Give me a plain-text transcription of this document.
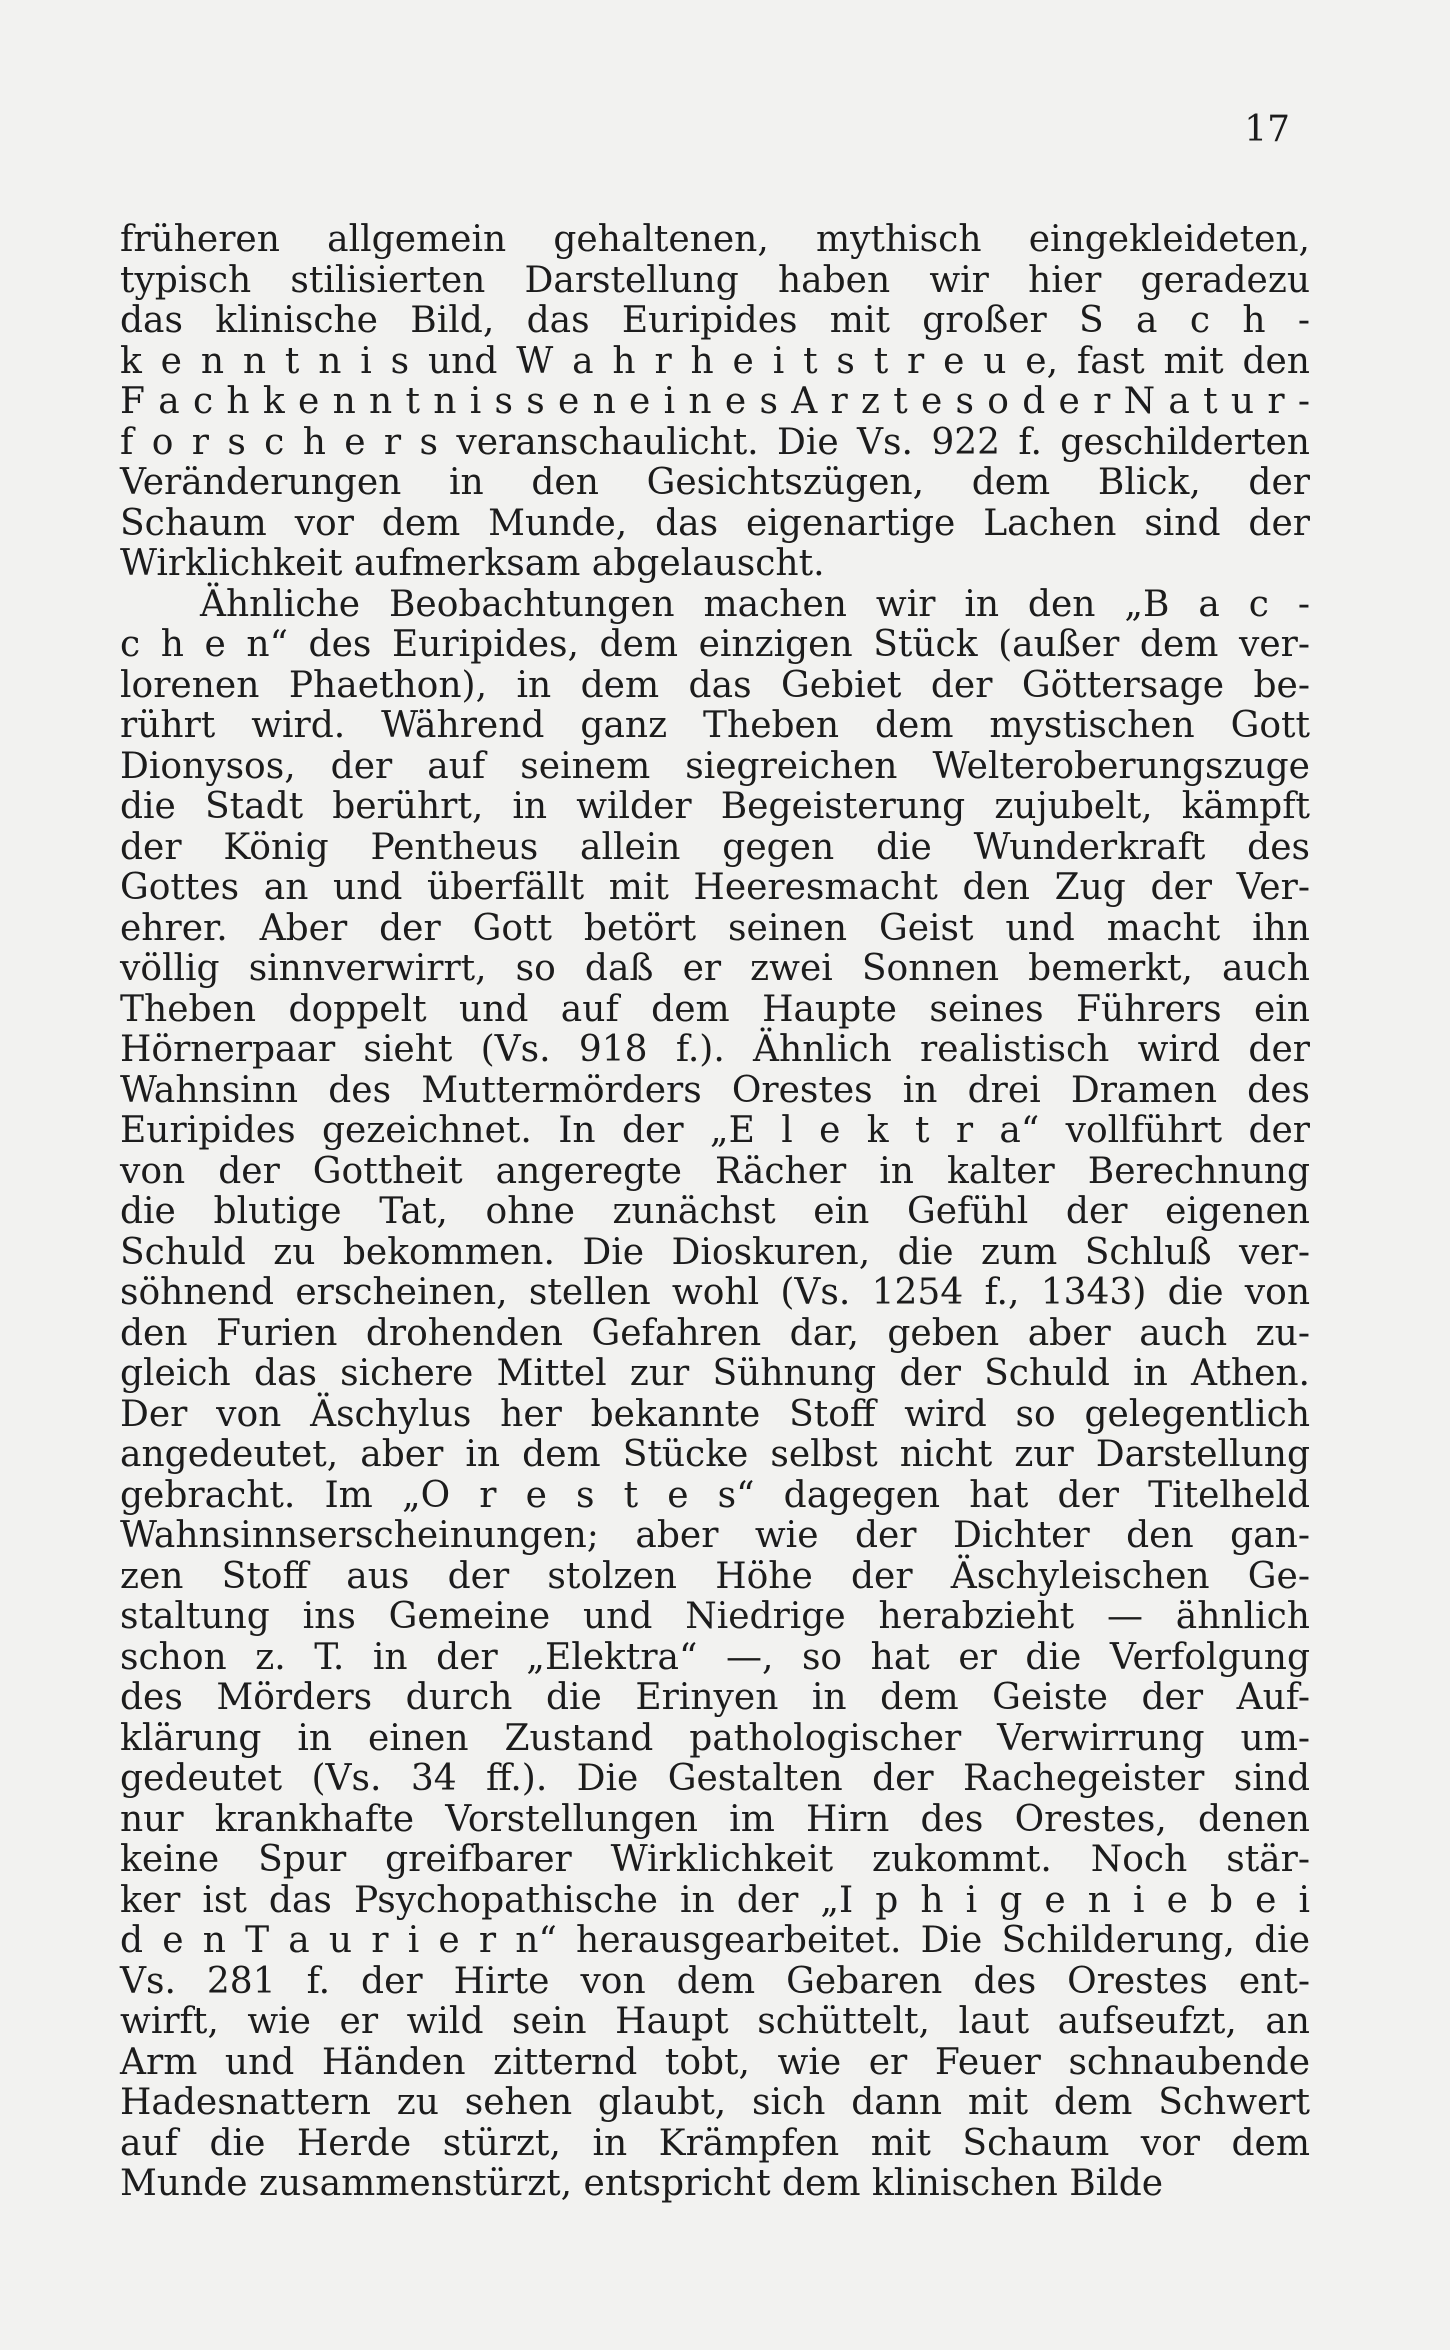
17
früheren allgemein gehaltenen, mythisch eingekleideten,
typisch stilisierten Darstellung haben wir hier geradezu
das klinische Bild, das Euripides mit großer S a c h -
k e n n t n i s und W a h r h e i t s t r e u e, fast mit den
F a c h k e n n t n i s s e n e i n e s A r z t e s o d e r N a t u r -
f o r s c h e r s veranschaulicht. Die Vs. 922 f. geschilderten
Veränderungen in den Gesichtszügen, dem Blick, der
Schaum vor dem Munde, das eigenartige Lachen sind der
Wirklichkeit aufmerksam abgelauscht.
Ähnliche Beobachtungen machen wir in den „B a c -
c h e n“ des Euripides, dem einzigen Stück (außer dem ver-
lorenen Phaethon), in dem das Gebiet der Göttersage be-
rührt wird. Während ganz Theben dem mystischen Gott
Dionysos, der auf seinem siegreichen Welteroberungszuge
die Stadt berührt, in wilder Begeisterung zujubelt, kämpft
der König Pentheus allein gegen die Wunderkraft des
Gottes an und überfällt mit Heeresmacht den Zug der Ver-
ehrer. Aber der Gott betört seinen Geist und macht ihn
völlig sinnverwirrt, so daß er zwei Sonnen bemerkt, auch
Theben doppelt und auf dem Haupte seines Führers ein
Hörnerpaar sieht (Vs. 918 f.). Ähnlich realistisch wird der
Wahnsinn des Muttermörders Orestes in drei Dramen des
Euripides gezeichnet. In der „E l e k t r a“ vollführt der
von der Gottheit angeregte Rächer in kalter Berechnung
die blutige Tat, ohne zunächst ein Gefühl der eigenen
Schuld zu bekommen. Die Dioskuren, die zum Schluß ver-
söhnend erscheinen, stellen wohl (Vs. 1254 f., 1343) die von
den Furien drohenden Gefahren dar, geben aber auch zu-
gleich das sichere Mittel zur Sühnung der Schuld in Athen.
Der von Äschylus her bekannte Stoff wird so gelegentlich
angedeutet, aber in dem Stücke selbst nicht zur Darstellung
gebracht. Im „O r e s t e s“ dagegen hat der Titelheld
Wahnsinnserscheinungen; aber wie der Dichter den gan-
zen Stoff aus der stolzen Höhe der Äschyleischen Ge-
staltung ins Gemeine und Niedrige herabzieht — ähnlich
schon z. T. in der „Elektra“ —, so hat er die Verfolgung
des Mörders durch die Erinyen in dem Geiste der Auf-
klärung in einen Zustand pathologischer Verwirrung um-
gedeutet (Vs. 34 ff.). Die Gestalten der Rachegeister sind
nur krankhafte Vorstellungen im Hirn des Orestes, denen
keine Spur greifbarer Wirklichkeit zukommt. Noch stär-
ker ist das Psychopathische in der „I p h i g e n i e b e i
d e n T a u r i e r n“ herausgearbeitet. Die Schilderung, die
Vs. 281 f. der Hirte von dem Gebaren des Orestes ent-
wirft, wie er wild sein Haupt schüttelt, laut aufseufzt, an
Arm und Händen zitternd tobt, wie er Feuer schnaubende
Hadesnattern zu sehen glaubt, sich dann mit dem Schwert
auf die Herde stürzt, in Krämpfen mit Schaum vor dem
Munde zusammenstürzt, entspricht dem klinischen Bilde
